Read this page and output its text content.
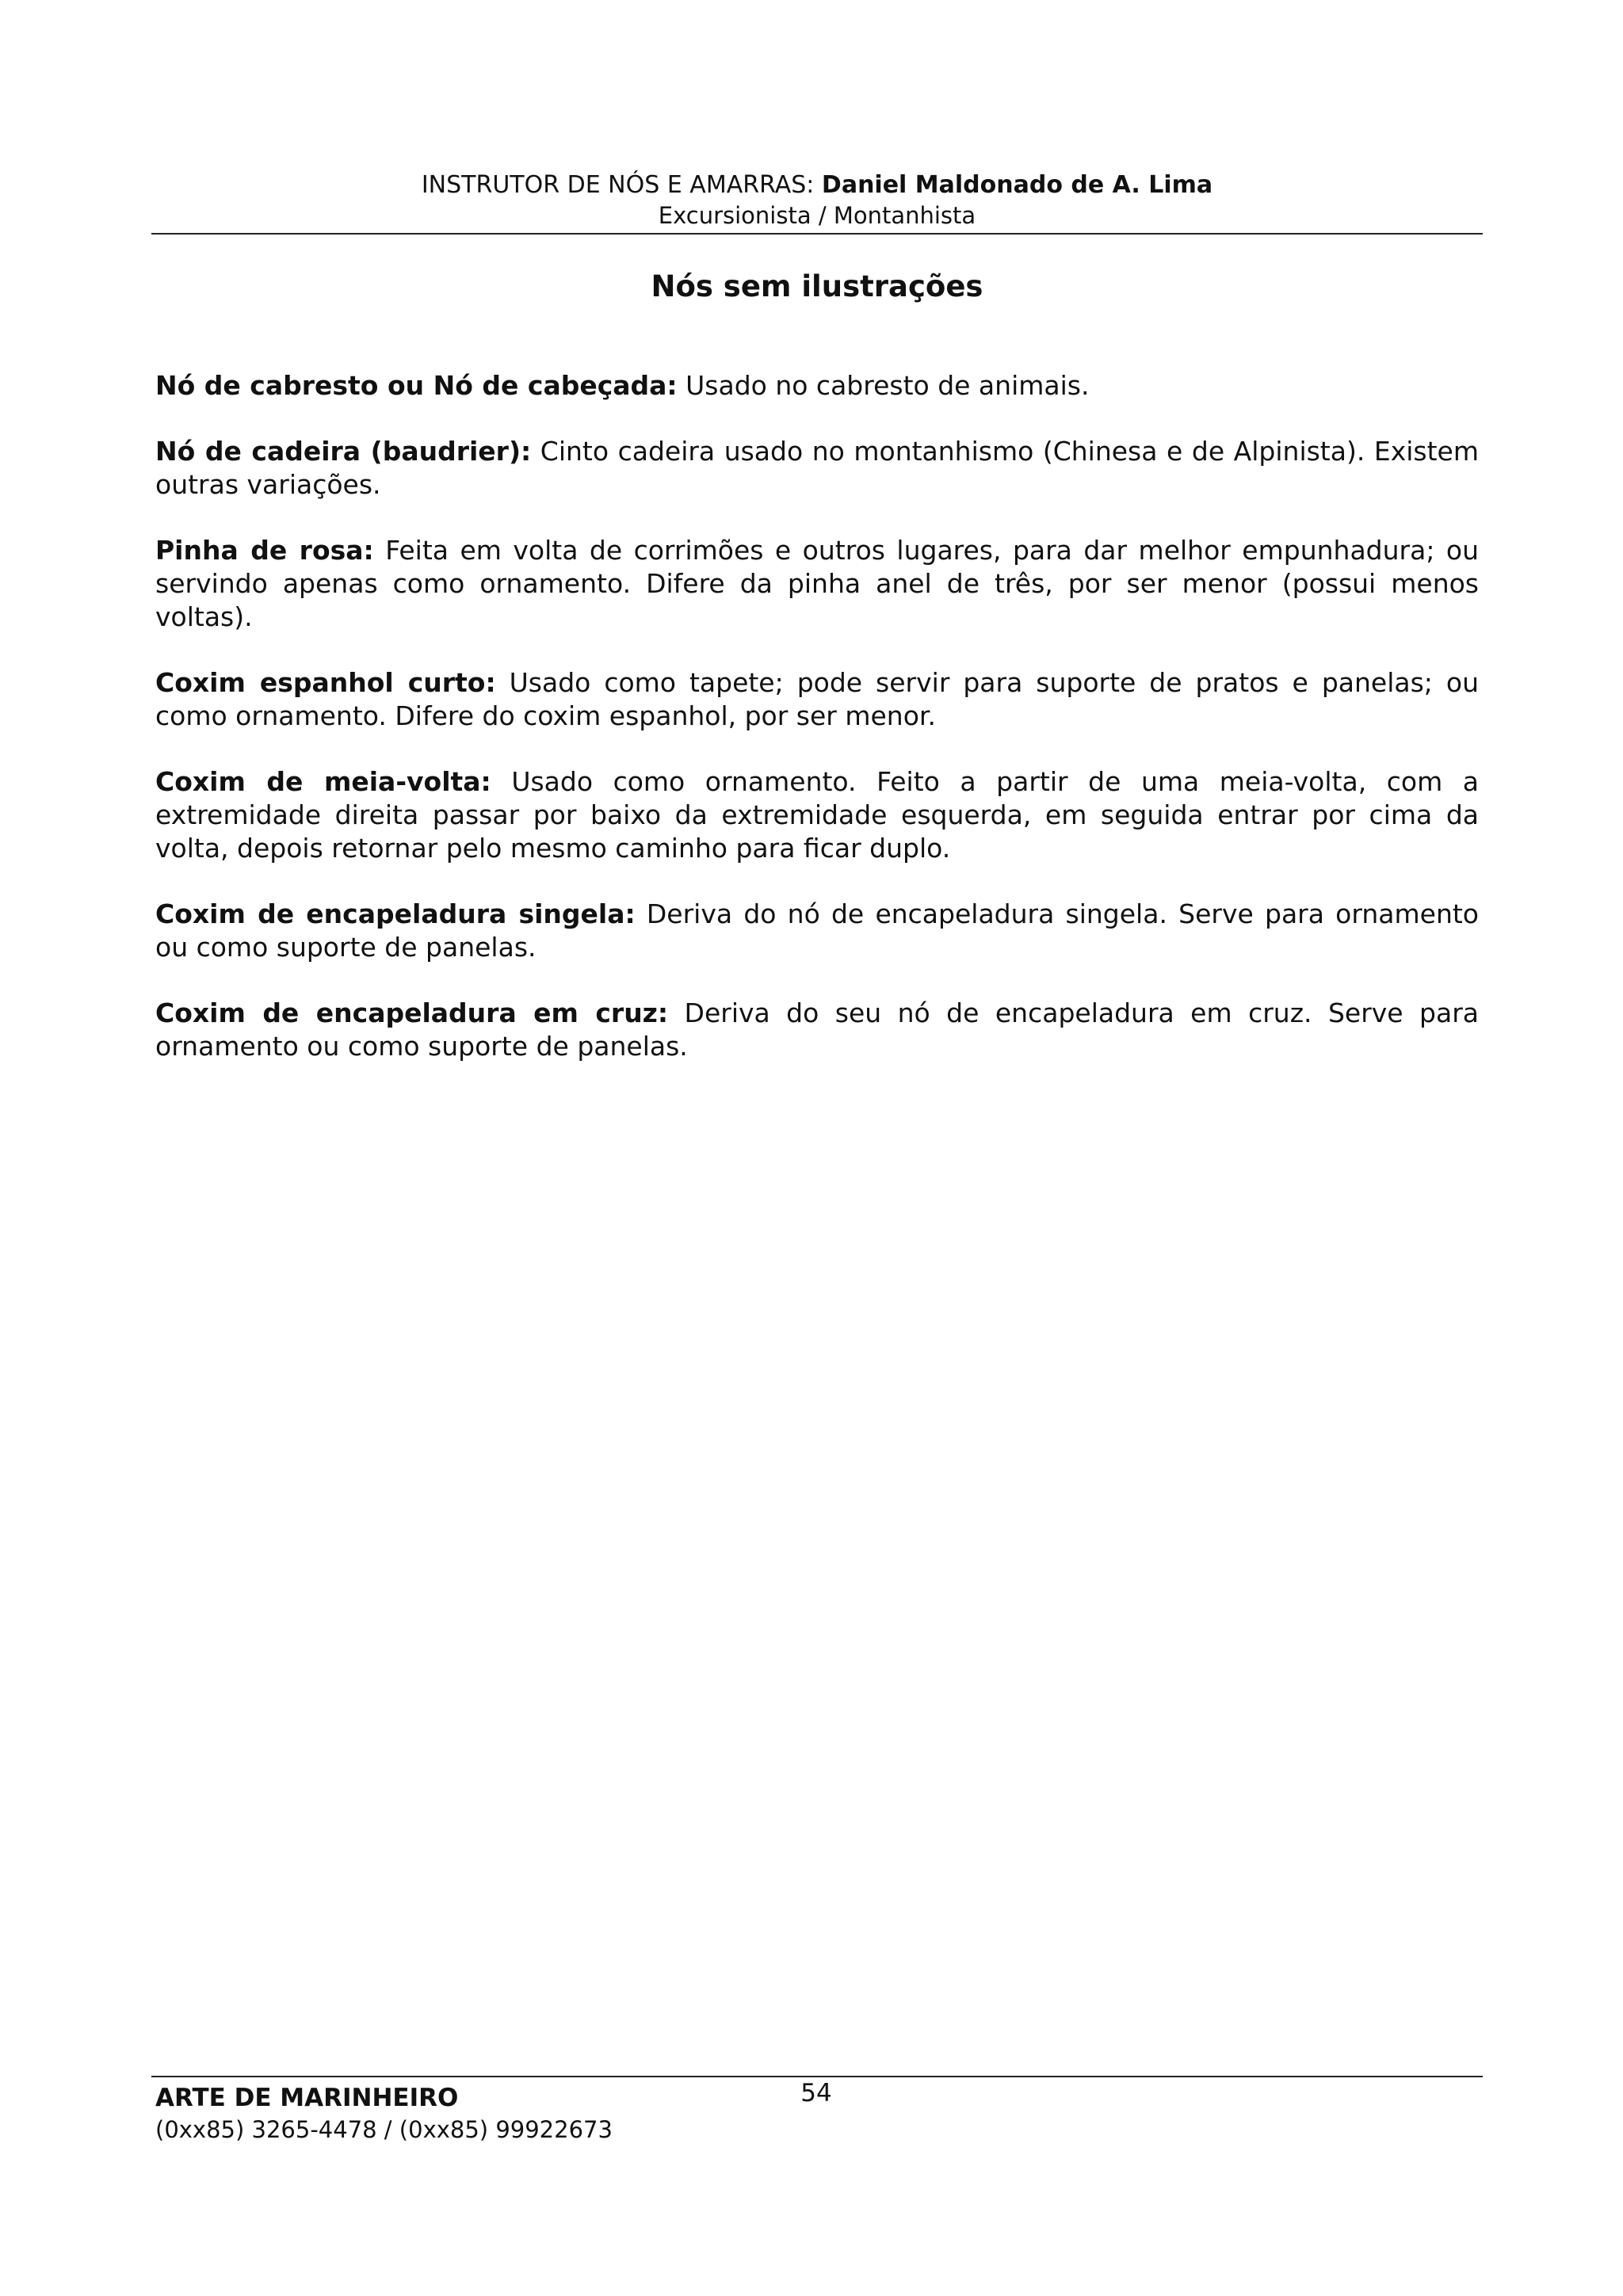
INSTRUTOR DE NÓS E AMARRAS: Daniel Maldonado de A. Lima
Excursionista / Montanhista
Nós sem ilustrações

Nó de cabresto ou Nó de cabeçada: Usado no cabresto de animais.

Nó de cadeira (baudrier): Cinto cadeira usado no montanhismo (Chinesa e de Alpinista). Existem outras variações.

Pinha de rosa: Feita em volta de corrimões e outros lugares, para dar melhor empunhadura; ou servindo apenas como ornamento. Difere da pinha anel de três, por ser menor (possui menos voltas).

Coxim espanhol curto: Usado como tapete; pode servir para suporte de pratos e panelas; ou como ornamento. Difere do coxim espanhol, por ser menor.

Coxim de meia-volta: Usado como ornamento. Feito a partir de uma meia-volta, com a extremidade direita passar por baixo da extremidade esquerda, em seguida entrar por cima da volta, depois retornar pelo mesmo caminho para ficar duplo.

Coxim de encapeladura singela: Deriva do nó de encapeladura singela. Serve para ornamento ou como suporte de panelas.

Coxim de encapeladura em cruz: Deriva do seu nó de encapeladura em cruz. Serve para ornamento ou como suporte de panelas.

ARTE DE MARINHEIRO
(0xx85) 3265-4478 / (0xx85) 99922673
54
